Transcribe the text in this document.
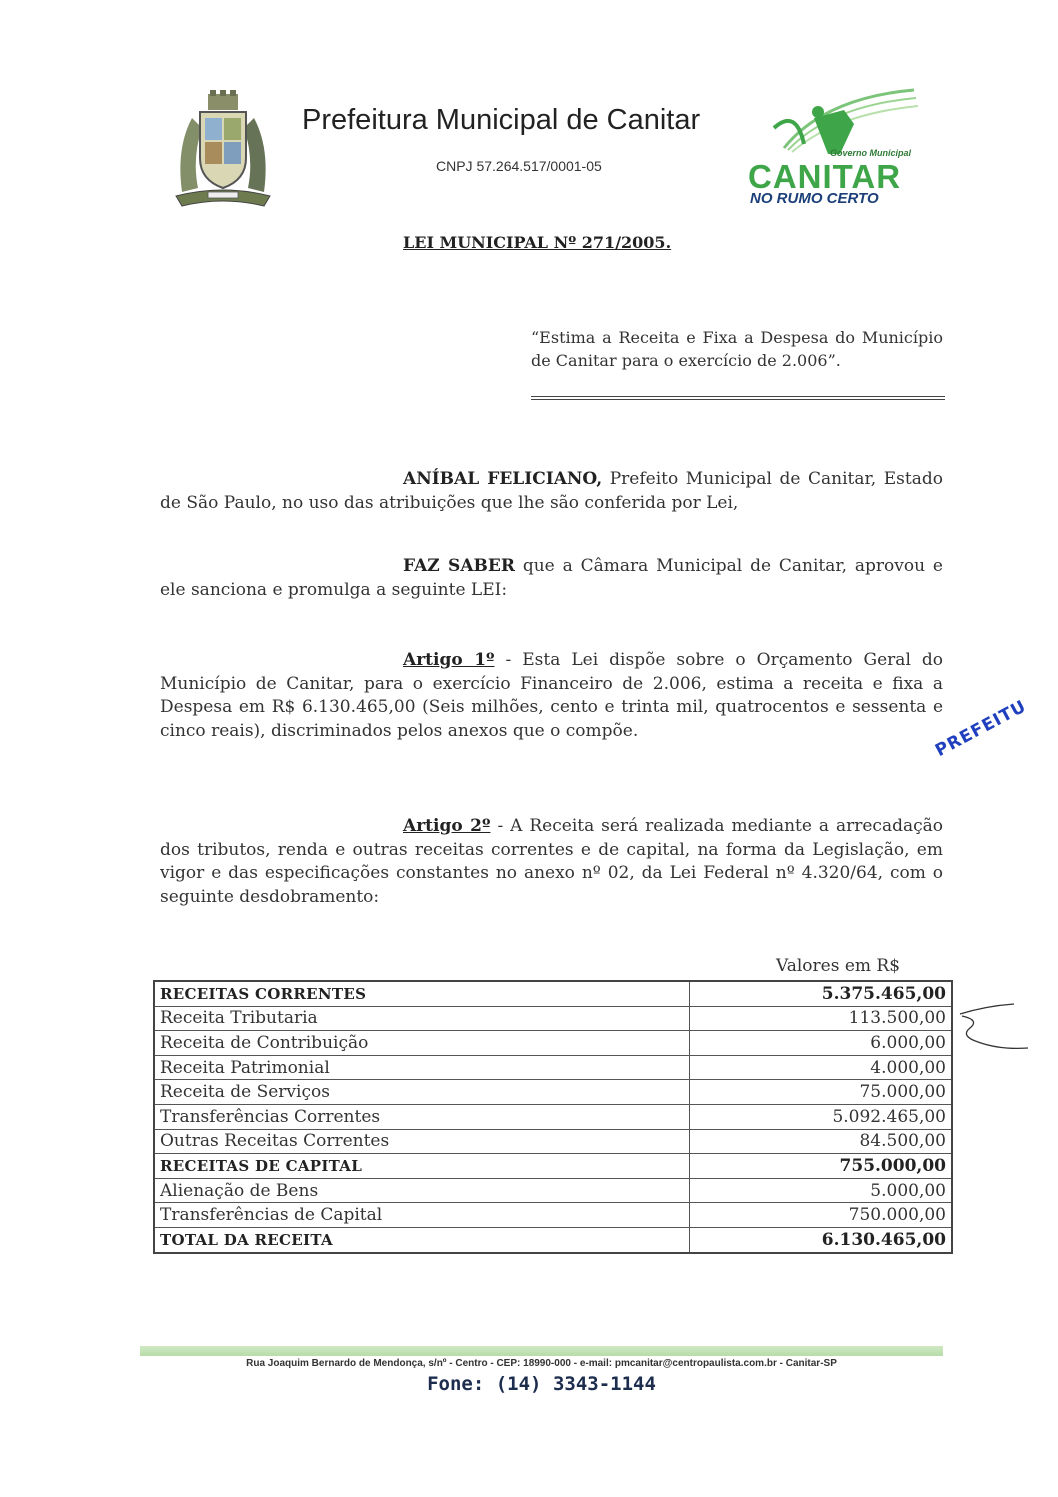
Prefeitura Municipal de Canitar
CNPJ 57.264.517/0001-05
Governo Municipal
CANITAR
NO RUMO CERTO
LEI MUNICIPAL Nº 271/2005.
“Estima a Receita e Fixa a Despesa do Município de Canitar para o exercício de 2.006”.
ANÍBAL FELICIANO, Prefeito Municipal de Canitar, Estado de São Paulo, no uso das atribuições que lhe são conferida por Lei,
FAZ SABER que a Câmara Municipal de Canitar, aprovou e ele sanciona e promulga a seguinte LEI:
Artigo 1º - Esta Lei dispõe sobre o Orçamento Geral do Município de Canitar, para o exercício Financeiro de 2.006, estima a receita e fixa a Despesa em R$ 6.130.465,00 (Seis milhões, cento e trinta mil, quatrocentos e sessenta e cinco reais), discriminados pelos anexos que o compõe.
Artigo 2º - A Receita será realizada mediante a arrecadação dos tributos, renda e outras receitas correntes e de capital, na forma da Legislação, em vigor e das especificações constantes no anexo nº 02, da Lei Federal nº 4.320/64, com o seguinte desdobramento:
Valores em R$
RECEITAS CORRENTES	5.375.465,00
Receita Tributaria	113.500,00
Receita de Contribuição	6.000,00
Receita Patrimonial	4.000,00
Receita de Serviços	75.000,00
Transferências Correntes	5.092.465,00
Outras Receitas Correntes	84.500,00
RECEITAS DE CAPITAL	755.000,00
Alienação de Bens	5.000,00
Transferências de Capital	750.000,00
TOTAL DA RECEITA	6.130.465,00
PREFEITU
Rua Joaquim Bernardo de Mendonça, s/nº - Centro - CEP: 18990-000 - e-mail: pmcanitar@centropaulista.com.br - Canitar-SP
Fone: (14) 3343-1144
